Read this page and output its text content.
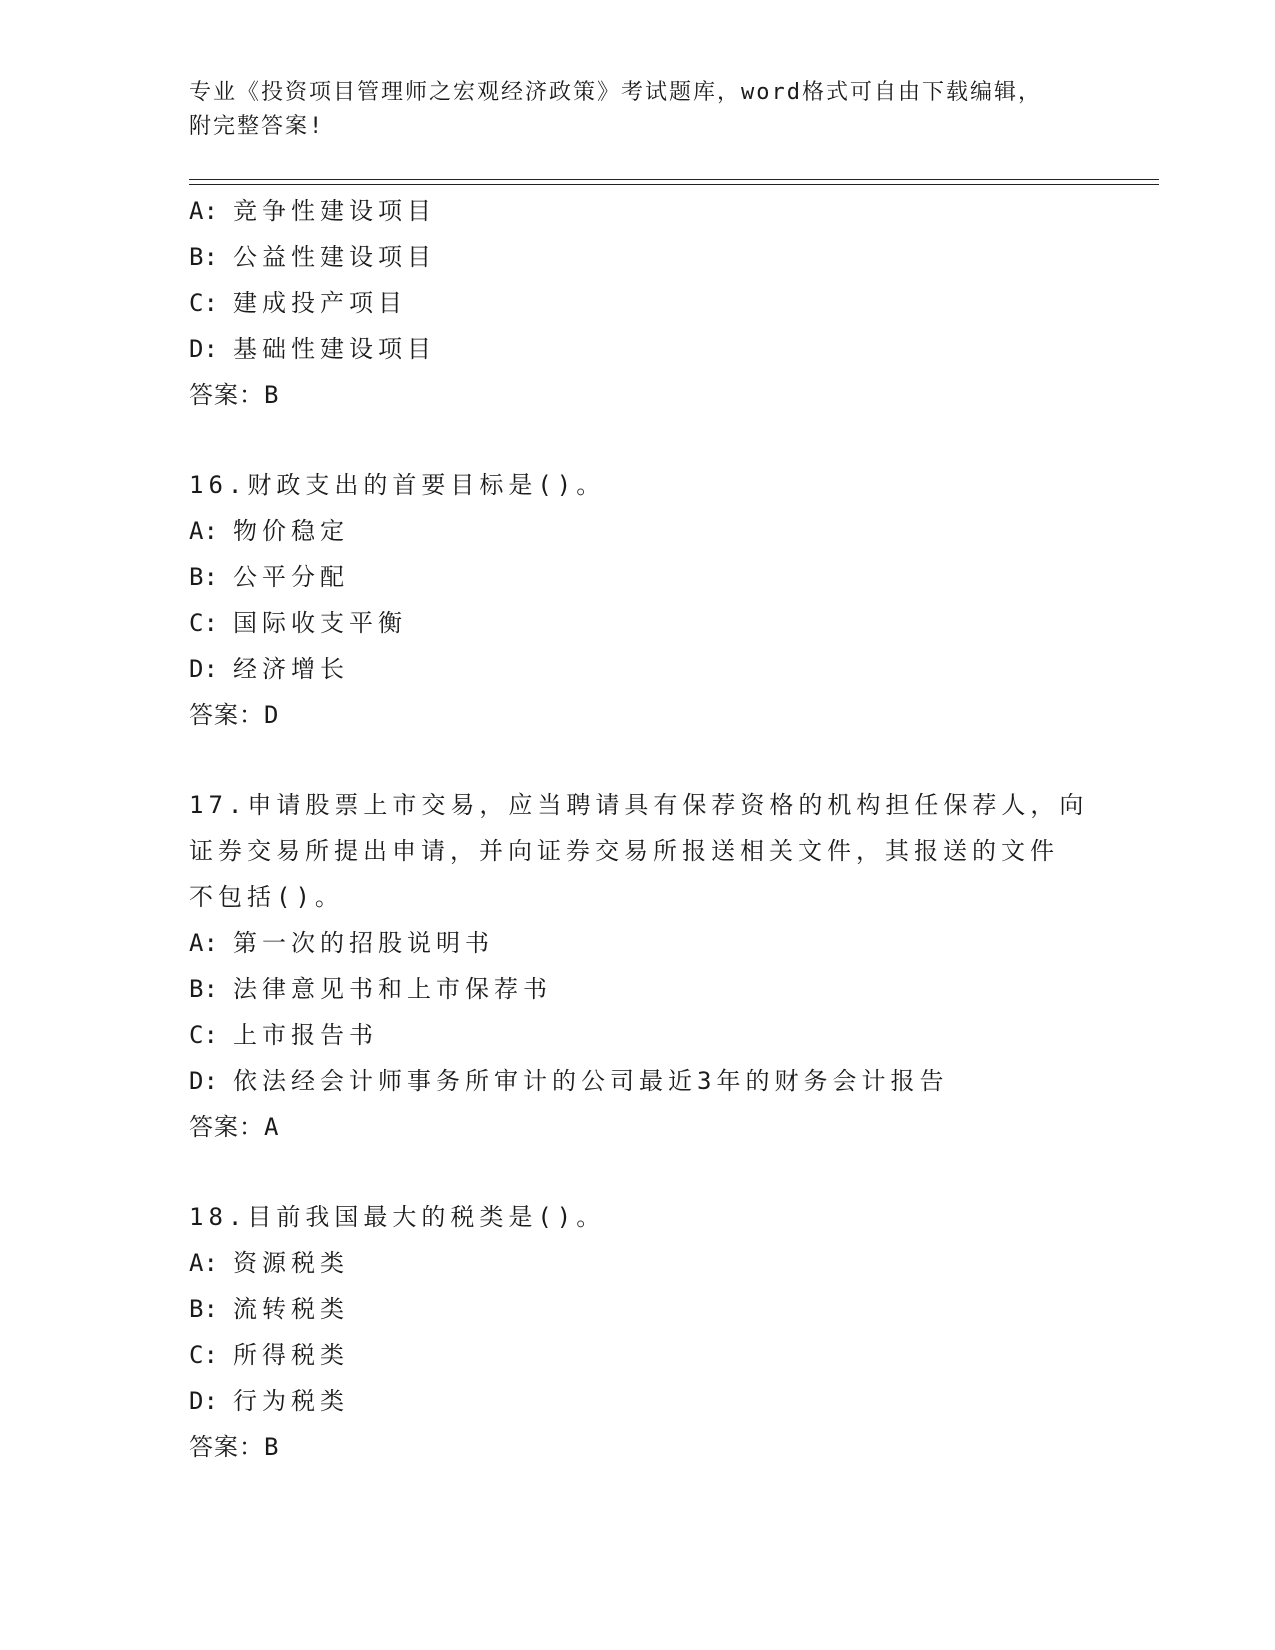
专业《投资项目管理师之宏观经济政策》考试题库，word格式可自由下载编辑，
附完整答案!
A: 竞争性建设项目
B: 公益性建设项目
C: 建成投产项目
D: 基础性建设项目
答案：B
16.财政支出的首要目标是()。
A: 物价稳定
B: 公平分配
C: 国际收支平衡
D: 经济增长
答案：D
17.申请股票上市交易，应当聘请具有保荐资格的机构担任保荐人，向
证券交易所提出申请，并向证券交易所报送相关文件，其报送的文件
不包括()。
A: 第一次的招股说明书
B: 法律意见书和上市保荐书
C: 上市报告书
D: 依法经会计师事务所审计的公司最近3年的财务会计报告
答案：A
18.目前我国最大的税类是()。
A: 资源税类
B: 流转税类
C: 所得税类
D: 行为税类
答案：B
